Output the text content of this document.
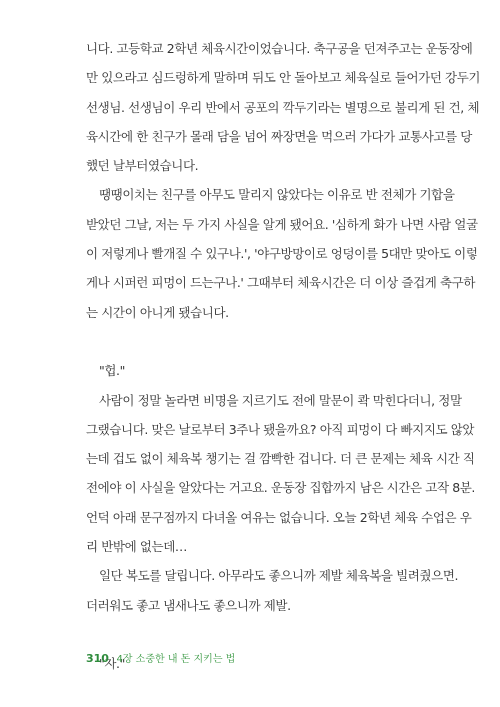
니다. 고등학교 2학년 체육시간이었습니다. 축구공을 던져주고는 운동장에
만 있으라고 심드렁하게 말하며 뒤도 안 돌아보고 체육실로 들어가던 강두기
선생님. 선생님이 우리 반에서 공포의 깍두기라는 별명으로 불리게 된 건, 체
육시간에 한 친구가 몰래 담을 넘어 짜장면을 먹으러 가다가 교통사고를 당
했던 날부터였습니다.
땡땡이치는 친구를 아무도 말리지 않았다는 이유로 반 전체가 기합을
받았던 그날, 저는 두 가지 사실을 알게 됐어요. '심하게 화가 나면 사람 얼굴
이 저렇게나 빨개질 수 있구나.', '야구방망이로 엉덩이를 5대만 맞아도 이렇
게나 시퍼런 피멍이 드는구나.' 그때부터 체육시간은 더 이상 즐겁게 축구하
는 시간이 아니게 됐습니다.
"헙."
사람이 정말 놀라면 비명을 지르기도 전에 말문이 콱 막힌다더니, 정말
그랬습니다. 맞은 날로부터 3주나 됐을까요? 아직 피멍이 다 빠지지도 않았
는데 겁도 없이 체육복 챙기는 걸 깜빡한 겁니다. 더 큰 문제는 체육 시간 직
전에야 이 사실을 알았다는 거고요. 운동장 집합까지 남은 시간은 고작 8분.
언덕 아래 문구점까지 다녀올 여유는 없습니다. 오늘 2학년 체육 수업은 우
리 반밖에 없는데…
일단 복도를 달립니다. 아무라도 좋으니까 제발 체육복을 빌려줬으면.
더러워도 좋고 냄새나도 좋으니까 제발.
"자."
310 4장 소중한 내 돈 지키는 법
